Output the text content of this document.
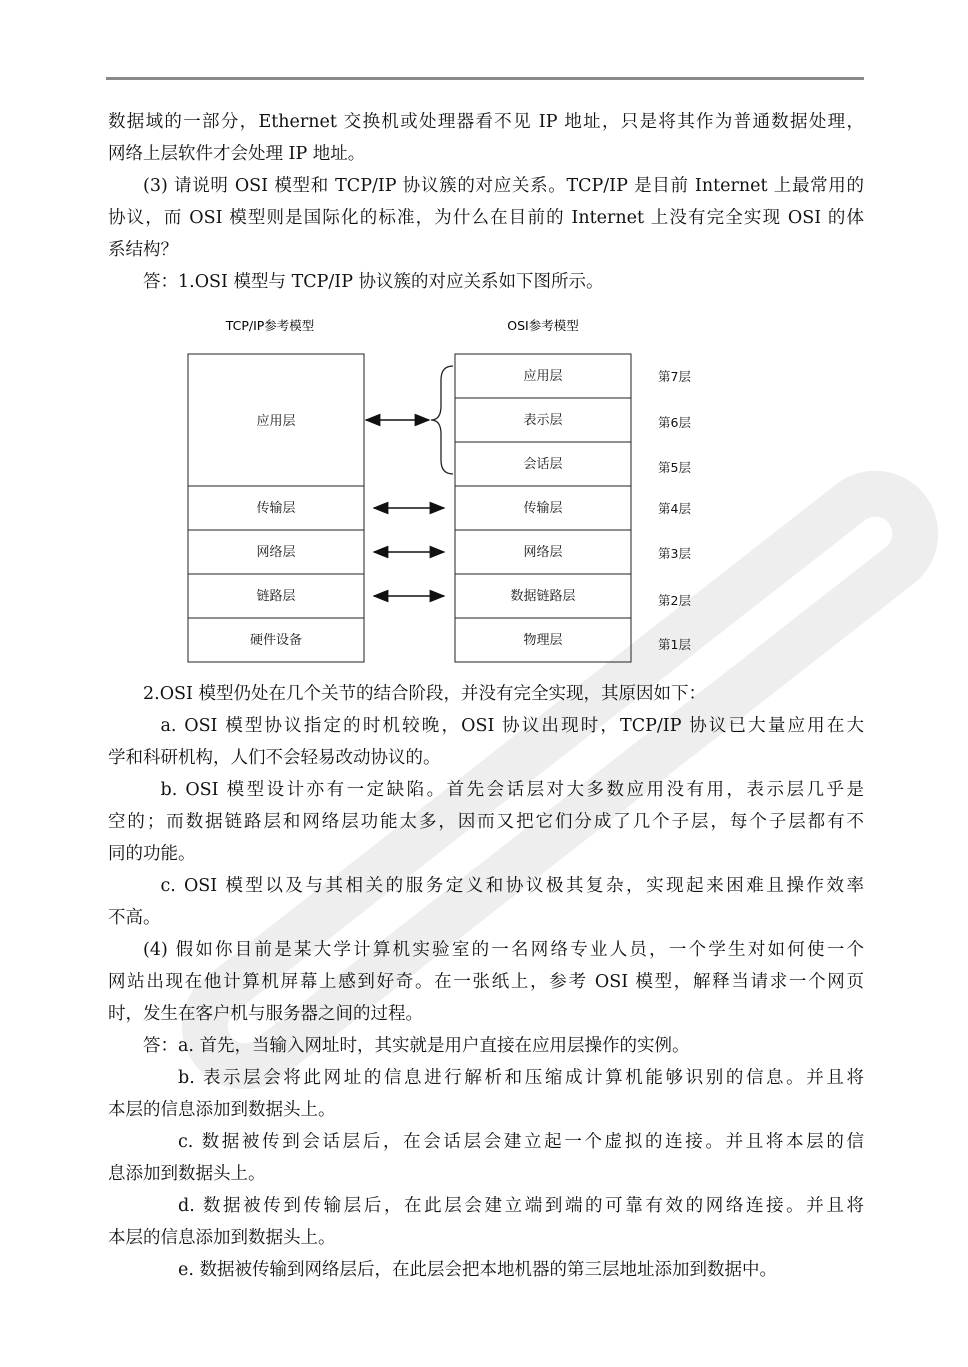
数据域的一部分，Ethernet 交换机或处理器看不见 IP 地址，只是将其作为普通数据处理，

网络上层软件才会处理 IP 地址。

(3) 请说明 OSI 模型和 TCP/IP 协议簇的对应关系。TCP/IP 是目前 Internet 上最常用的

协议，而 OSI 模型则是国际化的标准，为什么在目前的 Internet 上没有完全实现 OSI 的体

系结构？

答：1.OSI 模型与 TCP/IP 协议簇的对应关系如下图所示。

TCP/IP参考模型	OSI参考模型
应用层
传输层
网络层
链路层
硬件设备
应用层
表示层
会话层
传输层
网络层
数据链路层
物理层
第7层
第6层
第5层
第4层
第3层
第2层
第1层

2.OSI 模型仍处在几个关节的结合阶段，并没有完全实现，其原因如下：

a. OSI 模型协议指定的时机较晚，OSI 协议出现时，TCP/IP 协议已大量应用在大

学和科研机构，人们不会轻易改动协议的。

b. OSI 模型设计亦有一定缺陷。首先会话层对大多数应用没有用，表示层几乎是

空的；而数据链路层和网络层功能太多，因而又把它们分成了几个子层，每个子层都有不

同的功能。

c. OSI 模型以及与其相关的服务定义和协议极其复杂，实现起来困难且操作效率

不高。

(4) 假如你目前是某大学计算机实验室的一名网络专业人员，一个学生对如何使一个

网站出现在他计算机屏幕上感到好奇。在一张纸上，参考 OSI 模型，解释当请求一个网页

时，发生在客户机与服务器之间的过程。

答：a. 首先，当输入网址时，其实就是用户直接在应用层操作的实例。

b. 表示层会将此网址的信息进行解析和压缩成计算机能够识别的信息。并且将

本层的信息添加到数据头上。

c. 数据被传到会话层后，在会话层会建立起一个虚拟的连接。并且将本层的信

息添加到数据头上。

d. 数据被传到传输层后，在此层会建立端到端的可靠有效的网络连接。并且将

本层的信息添加到数据头上。

e. 数据被传输到网络层后，在此层会把本地机器的第三层地址添加到数据中。
